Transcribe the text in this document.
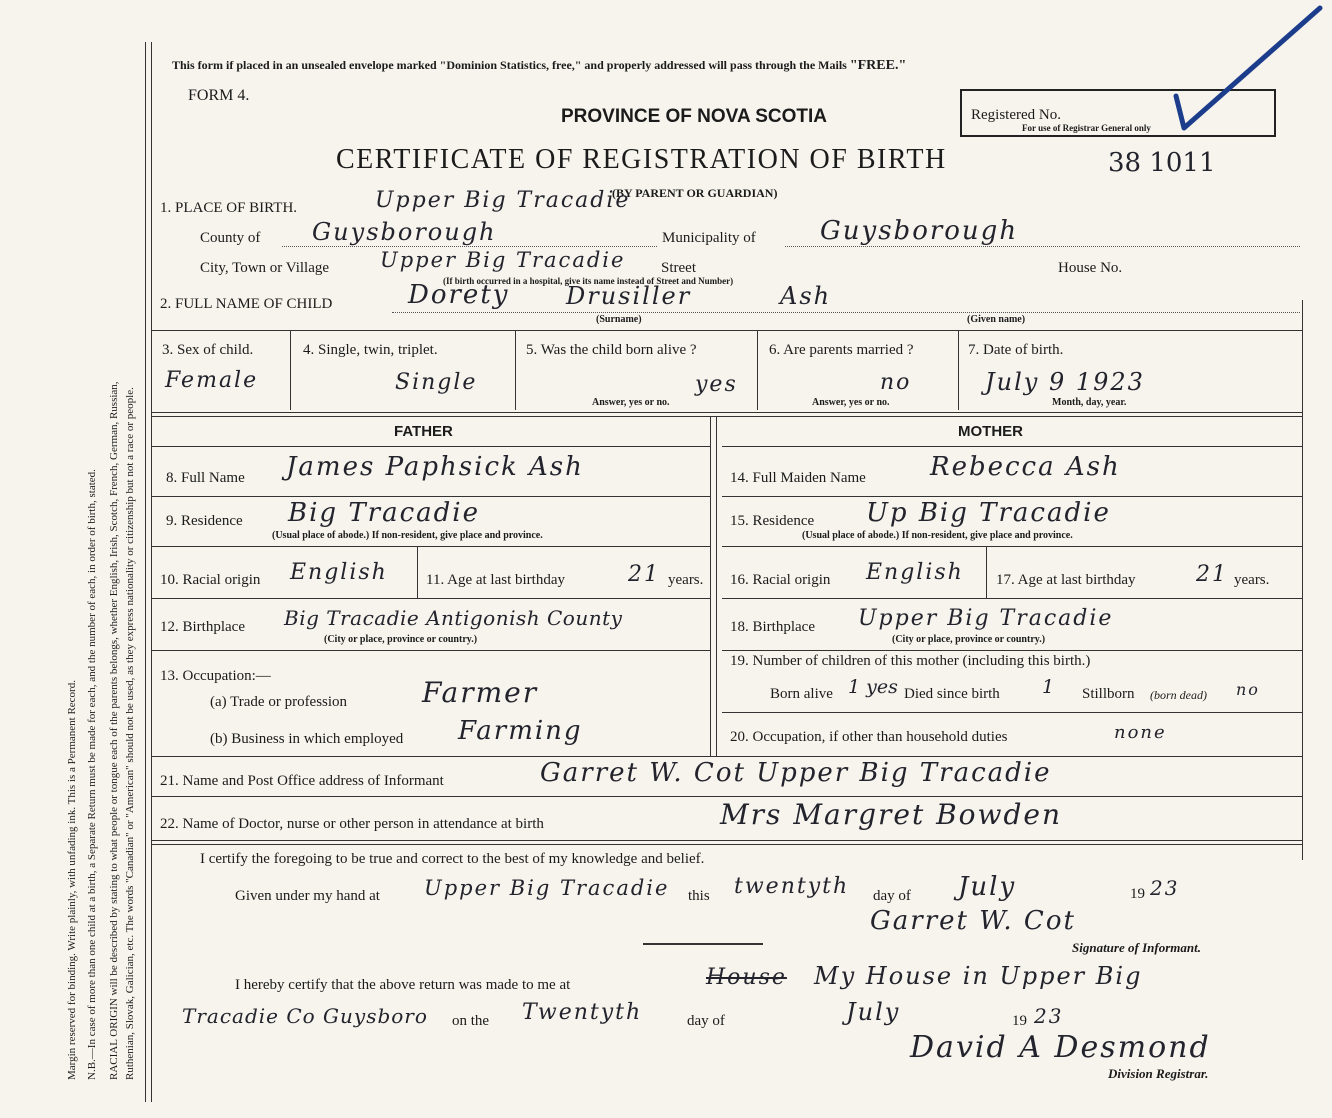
Margin reserved for binding. Write plainly, with unfading ink. This is a Permanent Record. N.B.—In case of more than one child at a birth, a Separate Return must be made for each, and the number of each, in order of birth, stated. RACIAL ORIGIN will be described by stating to what people or tongue each of the parents belongs, whether English, Irish, Scotch, French, German, Russian, Ruthenian, Slovak, Galician, etc. The words "Canadian" or "American" should not be used, as they express nationality or citizenship but not a race or people.
This form if placed in an unsealed envelope marked "Dominion Statistics, free," and properly addressed will pass through the Mails "FREE."
FORM 4.
PROVINCE OF NOVA SCOTIA	Registered No.
For use of Registrar General only
CERTIFICATE OF REGISTRATION OF BIRTH	38 1011
(BY PARENT OR GUARDIAN)
1. PLACE OF BIRTH.	Upper Big Tracadie
County of Guysborough	Municipality of Guysborough
City, Town or Village Upper Big Tracadie Street	House No.
(If birth occurred in a hospital, give its name instead of Street and Number)
2. FULL NAME OF CHILD	Dorety Drusiller	Ash
(Surname)	(Given name)
3. Sex of child.
Female
4. Single, twin, triplet.
Single
5. Was the child born alive ?
yes
Answer, yes or no.
6. Are parents married ?
no
Answer, yes or no.
7. Date of birth.
July 9 1923
Month, day, year.
FATHER	MOTHER
8. Full Name James Paphsick Ash
9. Residence Big Tracadie
(Usual place of abode.) If non-resident, give place and province.
10. Racial origin English	11. Age at last birthday	21 years.
12. Birthplace Big Tracadie Antigonish County
(City or place, province or country.)
13. Occupation:—
(a) Trade or profession	Farmer
(b) Business in which employed Farming
14. Full Maiden Name Rebecca Ash
15. Residence Up Big Tracadie
(Usual place of abode.) If non-resident, give place and province.
16. Racial origin English 17. Age at last birthday	21 years.
18. Birthplace Upper Big Tracadie
(City or place, province or country.)
19. Number of children of this mother (including this birth.)
Born alive 1 yes Died since birth 1 Stillborn (born dead) no
20. Occupation, if other than household duties	none
21. Name and Post Office address of Informant	Garret W. Cot Upper Big Tracadie
22. Name of Doctor, nurse or other person in attendance at birth	Mrs Margret Bowden
I certify the foregoing to be true and correct to the best of my knowledge and belief.
Given under my hand at Upper Big Tracadie this twentyth day of July	19 23
Garret W. Cot
Signature of Informant.
I hereby certify that the above return was made to me at	House My House in Upper Big
Tracadie Co Guysboro on the Twentyth	day of	July	19 23
David A Desmond
Division Registrar.
